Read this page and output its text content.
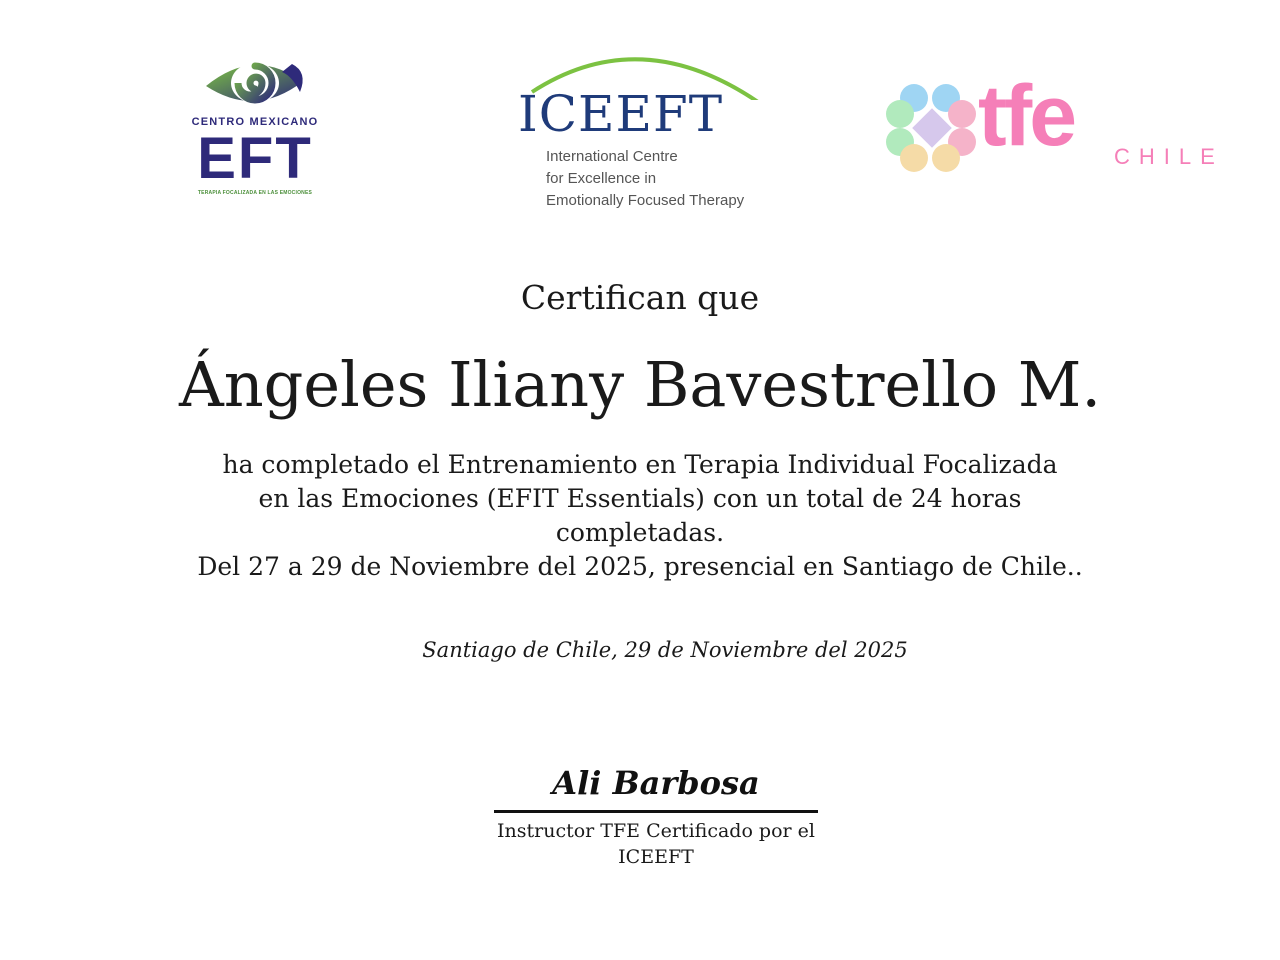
CENTRO MEXICANO
EFT
TERAPIA FOCALIZADA EN LAS EMOCIONES
ICEEFT
International Centre
for Excellence in
Emotionally Focused Therapy
tfe CHILE
Certifican que
Ángeles Iliany Bavestrello M.
ha completado el Entrenamiento en Terapia Individual Focalizada
en las Emociones (EFIT Essentials) con un total de 24 horas
completadas.
Del 27 a 29 de Noviembre del 2025, presencial en Santiago de Chile..
Santiago de Chile, 29 de Noviembre del 2025
Ali Barbosa
Instructor TFE Certificado por el
ICEEFT
